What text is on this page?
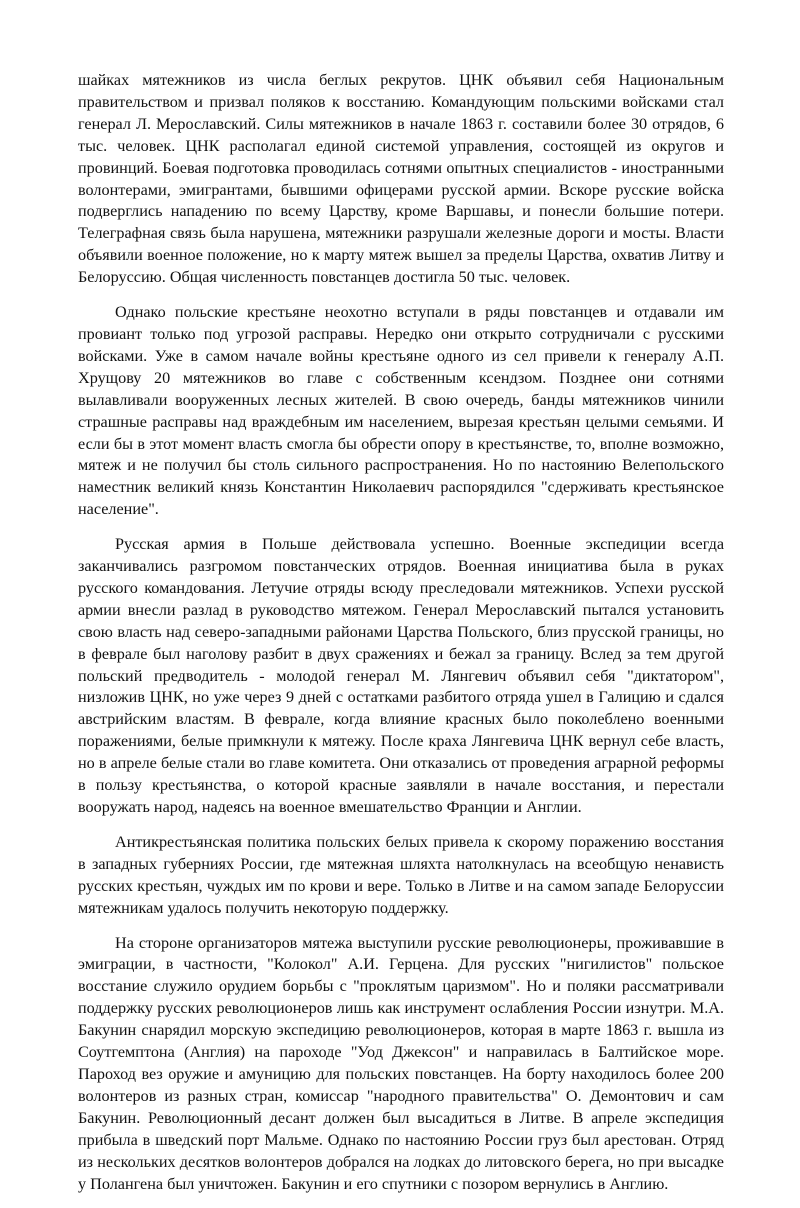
шайках мятежников из числа беглых рекрутов. ЦНК объявил себя Национальным правительством и призвал поляков к восстанию. Командующим польскими войсками стал генерал Л. Мерославский. Силы мятежников в начале 1863 г. составили более 30 отрядов, 6 тыс. человек. ЦНК располагал единой системой управления, состоящей из округов и провинций. Боевая подготовка проводилась сотнями опытных специалистов - иностранными волонтерами, эмигрантами, бывшими офицерами русской армии. Вскоре русские войска подверглись нападению по всему Царству, кроме Варшавы, и понесли большие потери. Телеграфная связь была нарушена, мятежники разрушали железные дороги и мосты. Власти объявили военное положение, но к марту мятеж вышел за пределы Царства, охватив Литву и Белоруссию. Общая численность повстанцев достигла 50 тыс. человек.

Однако польские крестьяне неохотно вступали в ряды повстанцев и отдавали им провиант только под угрозой расправы. Нередко они открыто сотрудничали с русскими войсками. Уже в самом начале войны крестьяне одного из сел привели к генералу А.П. Хрущову 20 мятежников во главе с собственным ксендзом. Позднее они сотнями вылавливали вооруженных лесных жителей. В свою очередь, банды мятежников чинили страшные расправы над враждебным им населением, вырезая крестьян целыми семьями. И если бы в этот момент власть смогла бы обрести опору в крестьянстве, то, вполне возможно, мятеж и не получил бы столь сильного распространения. Но по настоянию Велепольского наместник великий князь Константин Николаевич распорядился "сдерживать крестьянское население".

Русская армия в Польше действовала успешно. Военные экспедиции всегда заканчивались разгромом повстанческих отрядов. Военная инициатива была в руках русского командования. Летучие отряды всюду преследовали мятежников. Успехи русской армии внесли разлад в руководство мятежом. Генерал Мерославский пытался установить свою власть над северо-западными районами Царства Польского, близ прусской границы, но в феврале был наголову разбит в двух сражениях и бежал за границу. Вслед за тем другой польский предводитель - молодой генерал М. Лянгевич объявил себя "диктатором", низложив ЦНК, но уже через 9 дней с остатками разбитого отряда ушел в Галицию и сдался австрийским властям. В феврале, когда влияние красных было поколеблено военными поражениями, белые примкнули к мятежу. После краха Лянгевича ЦНК вернул себе власть, но в апреле белые стали во главе комитета. Они отказались от проведения аграрной реформы в пользу крестьянства, о которой красные заявляли в начале восстания, и перестали вооружать народ, надеясь на военное вмешательство Франции и Англии.

Антикрестьянская политика польских белых привела к скорому поражению восстания в западных губерниях России, где мятежная шляхта натолкнулась на всеобщую ненависть русских крестьян, чуждых им по крови и вере. Только в Литве и на самом западе Белоруссии мятежникам удалось получить некоторую поддержку.

На стороне организаторов мятежа выступили русские революционеры, проживавшие в эмиграции, в частности, "Колокол" А.И. Герцена. Для русских "нигилистов" польское восстание служило орудием борьбы с "проклятым царизмом". Но и поляки рассматривали поддержку русских революционеров лишь как инструмент ослабления России изнутри. М.А. Бакунин снарядил морскую экспедицию революционеров, которая в марте 1863 г. вышла из Соутгемптона (Англия) на пароходе "Уод Джексон" и направилась в Балтийское море. Пароход вез оружие и амуницию для польских повстанцев. На борту находилось более 200 волонтеров из разных стран, комиссар "народного правительства" О. Демонтович и сам Бакунин. Революционный десант должен был высадиться в Литве. В апреле экспедиция прибыла в шведский порт Мальме. Однако по настоянию России груз был арестован. Отряд из нескольких десятков волонтеров добрался на лодках до литовского берега, но при высадке у Полангена был уничтожен. Бакунин и его спутники с позором вернулись в Англию.
